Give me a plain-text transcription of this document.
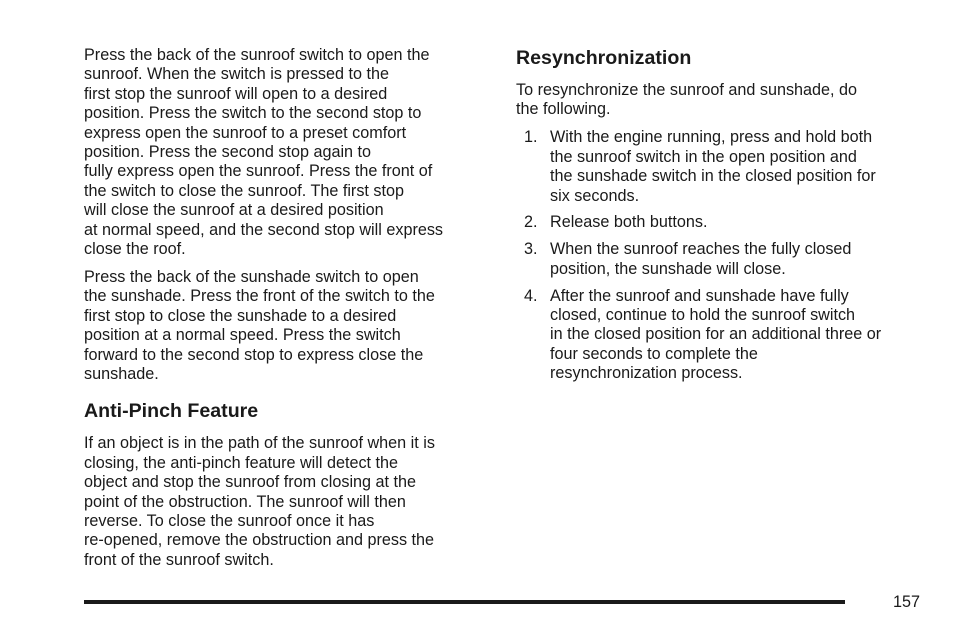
Press the back of the sunroof switch to open the
sunroof. When the switch is pressed to the
first stop the sunroof will open to a desired
position. Press the switch to the second stop to
express open the sunroof to a preset comfort
position. Press the second stop again to
fully express open the sunroof. Press the front of
the switch to close the sunroof. The first stop
will close the sunroof at a desired position
at normal speed, and the second stop will express
close the roof.

Press the back of the sunshade switch to open
the sunshade. Press the front of the switch to the
first stop to close the sunshade to a desired
position at a normal speed. Press the switch
forward to the second stop to express close the
sunshade.

Anti-Pinch Feature

If an object is in the path of the sunroof when it is
closing, the anti-pinch feature will detect the
object and stop the sunroof from closing at the
point of the obstruction. The sunroof will then
reverse. To close the sunroof once it has
re-opened, remove the obstruction and press the
front of the sunroof switch.

Resynchronization

To resynchronize the sunroof and sunshade, do
the following.

1. With the engine running, press and hold both
the sunroof switch in the open position and
the sunshade switch in the closed position for
six seconds.
2. Release both buttons.
3. When the sunroof reaches the fully closed
position, the sunshade will close.
4. After the sunroof and sunshade have fully
closed, continue to hold the sunroof switch
in the closed position for an additional three or
four seconds to complete the
resynchronization process.
157
